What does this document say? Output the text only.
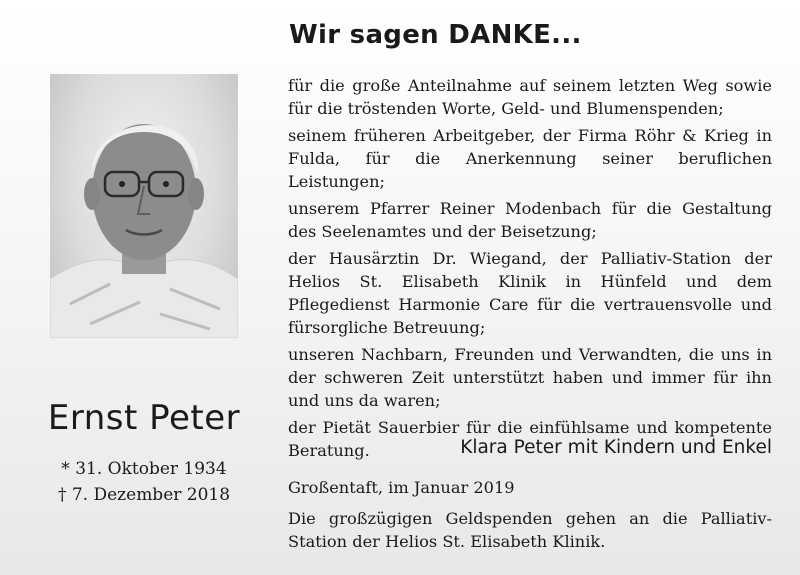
Ernst Peter
* 31. Oktober 1934
† 7. Dezember 2018
Wir sagen DANKE...

für die große Anteilnahme auf seinem letzten Weg sowie für die tröstenden Worte, Geld- und Blumenspenden;

seinem früheren Arbeitgeber, der Firma Röhr & Krieg in Fulda, für die Anerkennung seiner beruflichen Leistungen;

unserem Pfarrer Reiner Modenbach für die Gestaltung des Seelenamtes und der Beisetzung;

der Hausärztin Dr. Wiegand, der Palliativ-Station der Helios St. Elisabeth Klinik in Hünfeld und dem Pflegedienst Harmonie Care für die vertrauensvolle und fürsorgliche Betreuung;

unseren Nachbarn, Freunden und Verwandten, die uns in der schweren Zeit unterstützt haben und immer für ihn und uns da waren;

der Pietät Sauerbier für die einfühlsame und kompetente Beratung.	Klara Peter mit Kindern und Enkel
Großentaft, im Januar 2019
Die großzügigen Geldspenden gehen an die Palliativ-Station der Helios St. Elisabeth Klinik.
